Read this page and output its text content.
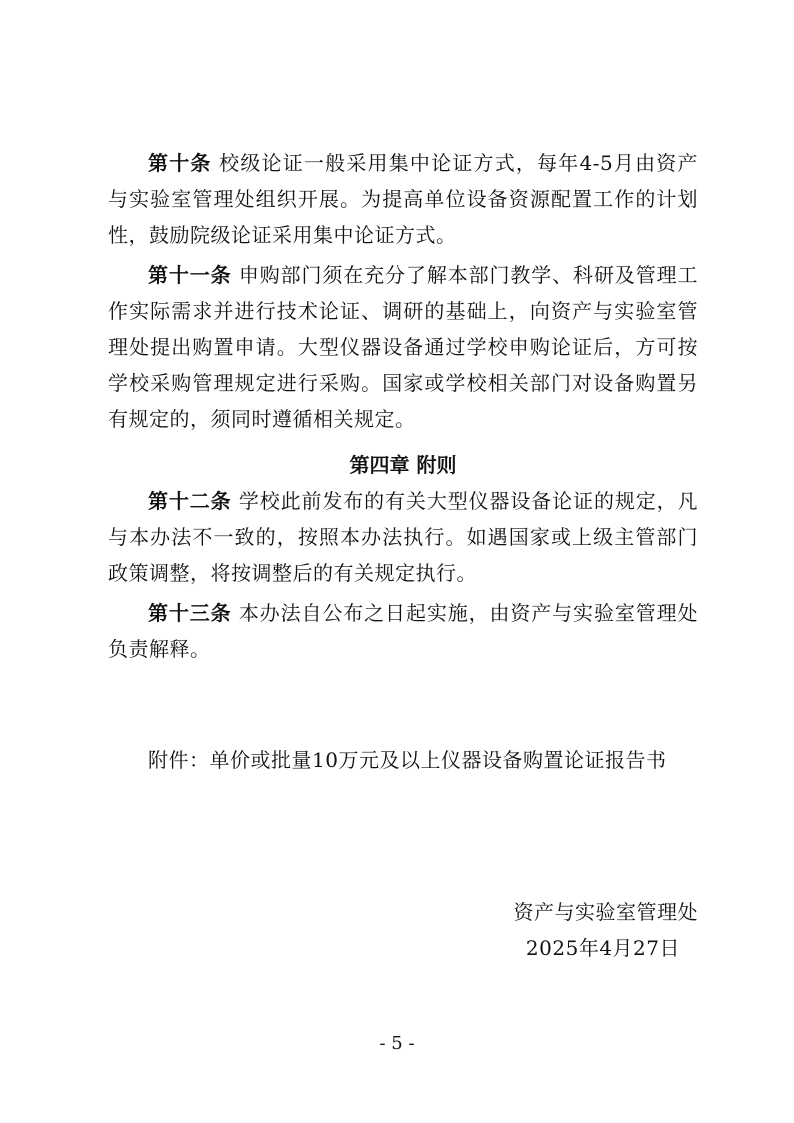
第十条 校级论证一般采用集中论证方式，每年4-5月由资产与实验室管理处组织开展。为提高单位设备资源配置工作的计划性，鼓励院级论证采用集中论证方式。

第十一条 申购部门须在充分了解本部门教学、科研及管理工作实际需求并进行技术论证、调研的基础上，向资产与实验室管理处提出购置申请。大型仪器设备通过学校申购论证后，方可按学校采购管理规定进行采购。国家或学校相关部门对设备购置另有规定的，须同时遵循相关规定。

第四章 附则

第十二条 学校此前发布的有关大型仪器设备论证的规定，凡与本办法不一致的，按照本办法执行。如遇国家或上级主管部门政策调整，将按调整后的有关规定执行。

第十三条 本办法自公布之日起实施，由资产与实验室管理处负责解释。

附件：单价或批量10万元及以上仪器设备购置论证报告书
资产与实验室管理处
2025年4月27日
- 5 -
